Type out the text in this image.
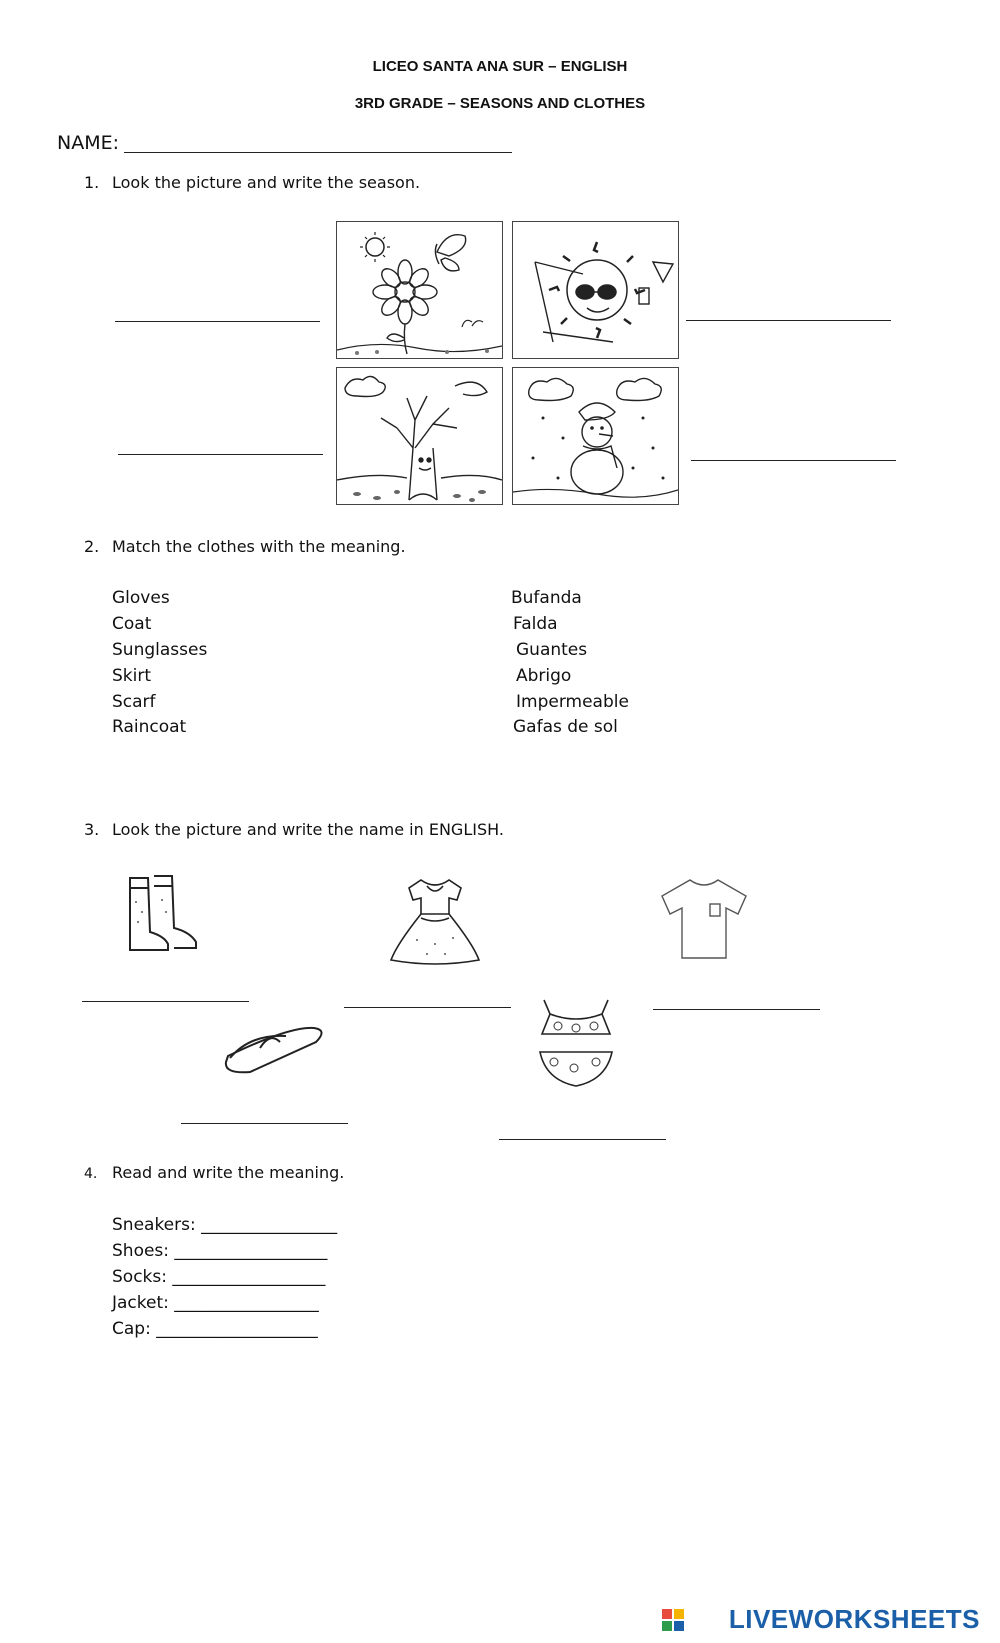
LICEO SANTA ANA SUR – ENGLISH
3RD GRADE – SEASONS AND CLOTHES
NAME:
1. Look the picture and write the season.
2. Match the clothes with the meaning.
Gloves
Coat
Sunglasses
Skirt
Scarf
Raincoat
Bufanda
Falda
Guantes
Abrigo
Impermeable
Gafas de sol
3. Look the picture and write the name in ENGLISH.
4. Read and write the meaning.
Sneakers: ________________
Shoes: __________________
Socks: __________________
Jacket: _________________
Cap: ___________________
LIVEWORKSHEETS
